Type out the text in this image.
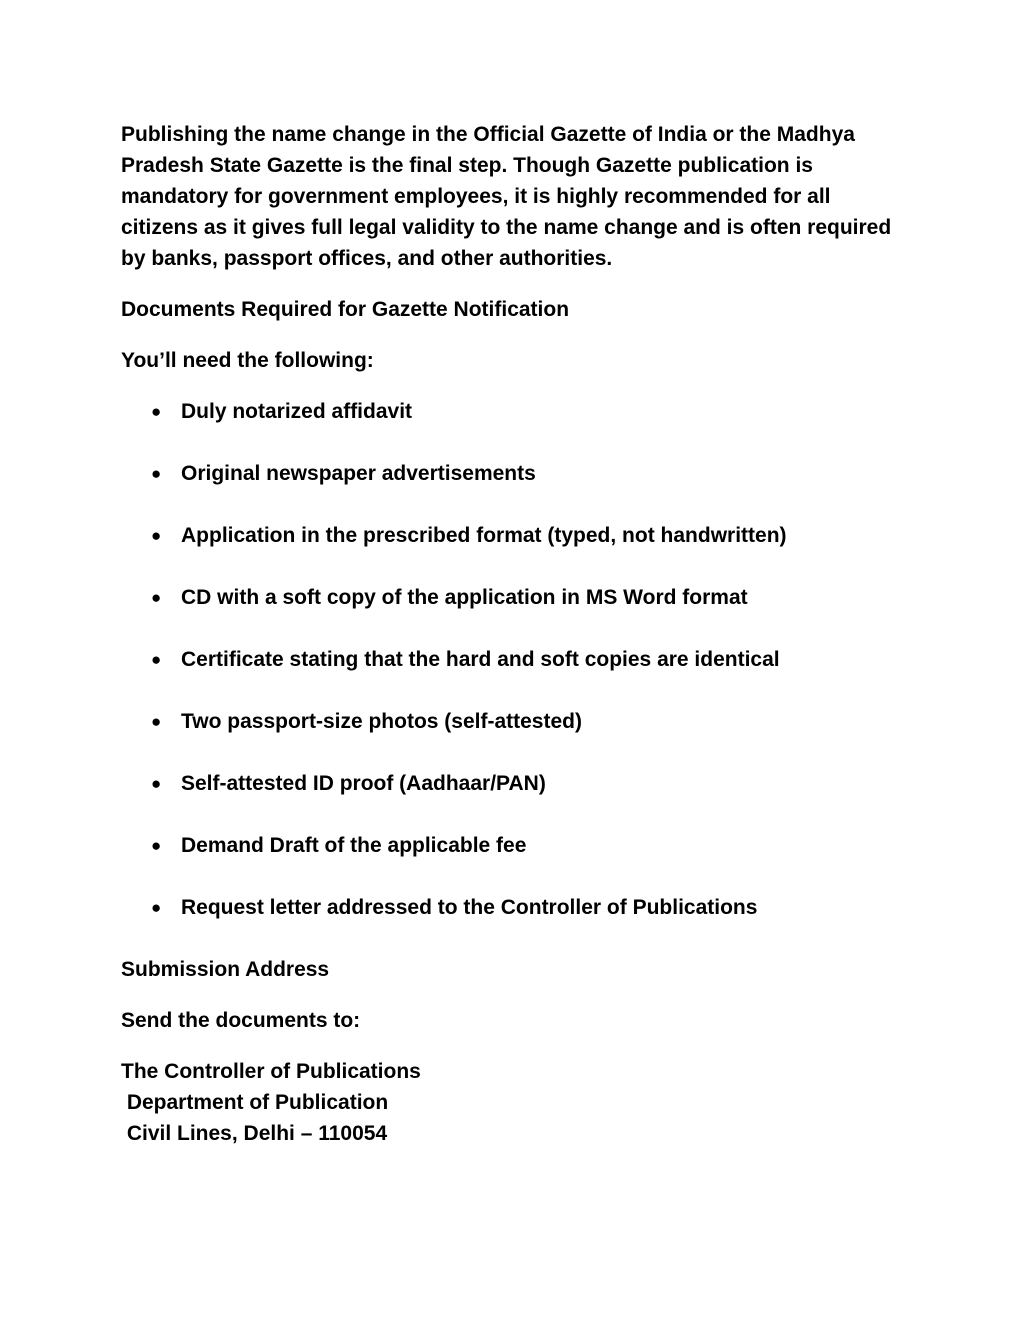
Publishing the name change in the Official Gazette of India or the Madhya Pradesh State Gazette is the final step. Though Gazette publication is mandatory for government employees, it is highly recommended for all citizens as it gives full legal validity to the name change and is often required by banks, passport offices, and other authorities.

Documents Required for Gazette Notification

You’ll need the following:

● Duly notarized affidavit
● Original newspaper advertisements
● Application in the prescribed format (typed, not handwritten)
● CD with a soft copy of the application in MS Word format
● Certificate stating that the hard and soft copies are identical
● Two passport-size photos (self-attested)
● Self-attested ID proof (Aadhaar/PAN)
● Demand Draft of the applicable fee
● Request letter addressed to the Controller of Publications

Submission Address

Send the documents to:

The Controller of Publications

Department of Publication

Civil Lines, Delhi – 110054
